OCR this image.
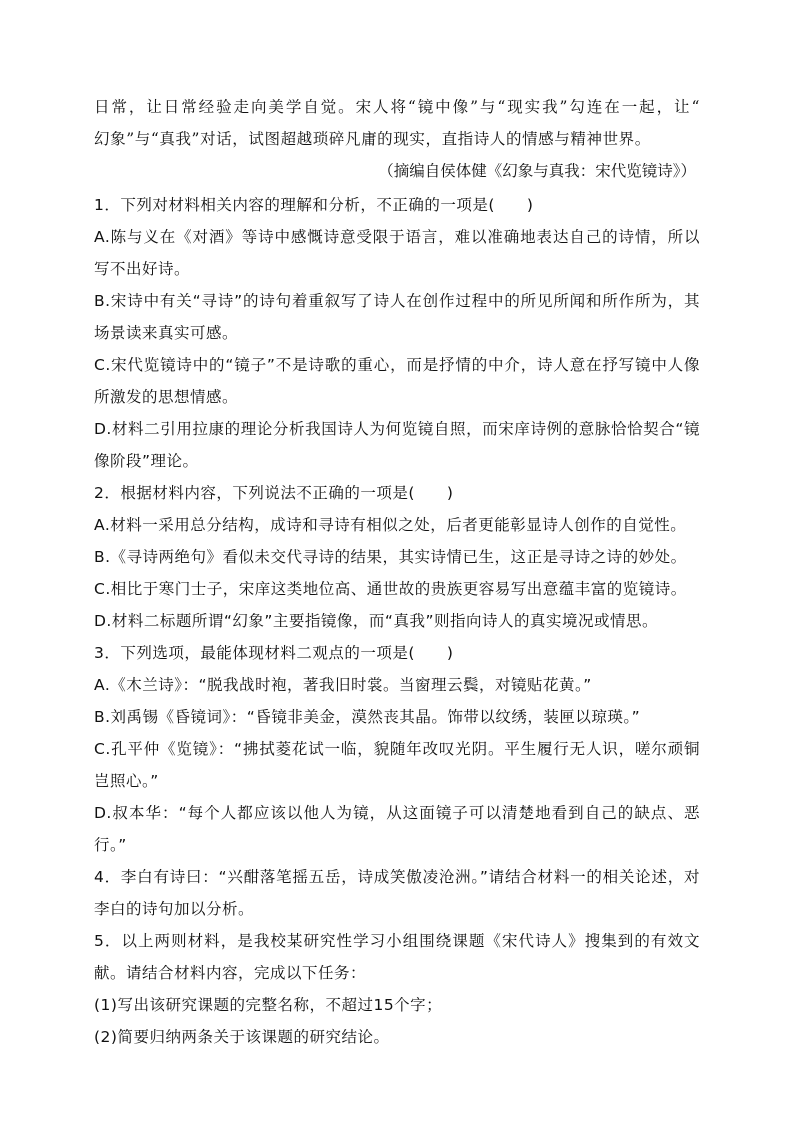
日常，让日常经验走向美学自觉。宋人将“镜中像”与“现实我”勾连在一起，让“

幻象”与“真我”对话，试图超越琐碎凡庸的现实，直指诗人的情感与精神世界。

（摘编自侯体健《幻象与真我：宋代览镜诗》）

1．下列对材料相关内容的理解和分析，不正确的一项是(　　)

A.陈与义在《对酒》等诗中感慨诗意受限于语言，难以准确地表达自己的诗情，所以写不出好诗。

B.宋诗中有关“寻诗”的诗句着重叙写了诗人在创作过程中的所见所闻和所作所为，其场景读来真实可感。

C.宋代览镜诗中的“镜子”不是诗歌的重心，而是抒情的中介，诗人意在抒写镜中人像所激发的思想情感。

D.材料二引用拉康的理论分析我国诗人为何览镜自照，而宋庠诗例的意脉恰恰契合“镜像阶段”理论。

2．根据材料内容，下列说法不正确的一项是(　　)

A.材料一采用总分结构，成诗和寻诗有相似之处，后者更能彰显诗人创作的自觉性。

B.《寻诗两绝句》看似未交代寻诗的结果，其实诗情已生，这正是寻诗之诗的妙处。

C.相比于寒门士子，宋庠这类地位高、通世故的贵族更容易写出意蕴丰富的览镜诗。

D.材料二标题所谓“幻象”主要指镜像，而“真我”则指向诗人的真实境况或情思。

3．下列选项，最能体现材料二观点的一项是(　　)

A.《木兰诗》：“脱我战时袍，著我旧时裳。当窗理云鬓，对镜贴花黄。”

B.刘禹锡《昏镜词》：“昏镜非美金，漠然丧其晶。饰带以纹绣，装匣以琼瑛。”

C.孔平仲《览镜》：“拂拭菱花试一临，貌随年改叹光阴。平生履行无人识，嗟尔顽铜岂照心。”

D.叔本华：“每个人都应该以他人为镜，从这面镜子可以清楚地看到自己的缺点、恶行。”

4．李白有诗曰：“兴酣落笔摇五岳，诗成笑傲凌沧洲。”请结合材料一的相关论述，对李白的诗句加以分析。

5．以上两则材料，是我校某研究性学习小组围绕课题《宋代诗人》搜集到的有效文献。请结合材料内容，完成以下任务：

(1)写出该研究课题的完整名称，不超过15个字；

(2)简要归纳两条关于该课题的研究结论。
